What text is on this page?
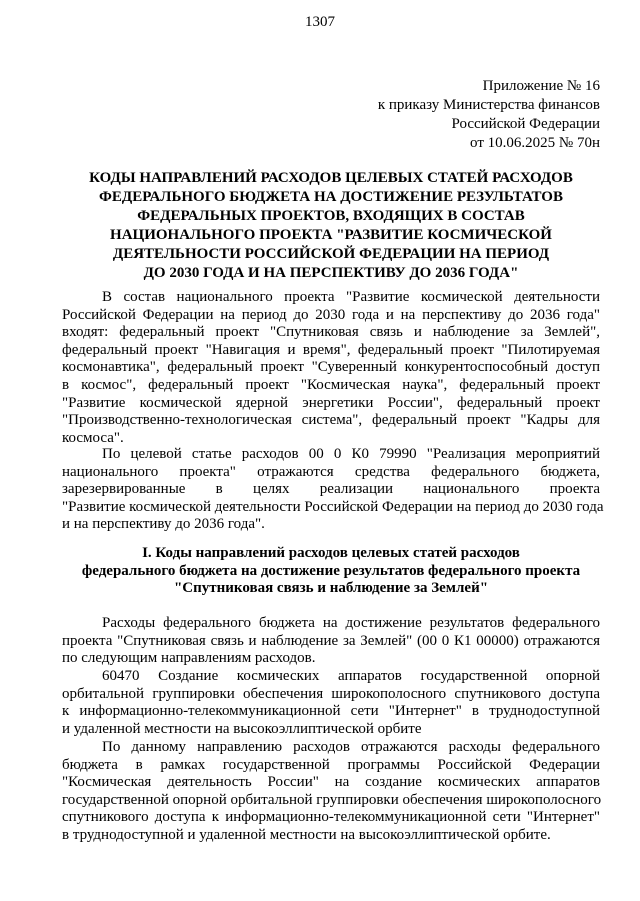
1307
Приложение № 16
к приказу Министерства финансов
Российской Федерации
от 10.06.2025 № 70н
КОДЫ НАПРАВЛЕНИЙ РАСХОДОВ ЦЕЛЕВЫХ СТАТЕЙ РАСХОДОВ
ФЕДЕРАЛЬНОГО БЮДЖЕТА НА ДОСТИЖЕНИЕ РЕЗУЛЬТАТОВ
ФЕДЕРАЛЬНЫХ ПРОЕКТОВ, ВХОДЯЩИХ В СОСТАВ
НАЦИОНАЛЬНОГО ПРОЕКТА "РАЗВИТИЕ КОСМИЧЕСКОЙ
ДЕЯТЕЛЬНОСТИ РОССИЙСКОЙ ФЕДЕРАЦИИ НА ПЕРИОД
ДО 2030 ГОДА И НА ПЕРСПЕКТИВУ ДО 2036 ГОДА"
В состав национального проекта "Развитие космической деятельности
Российской Федерации на период до 2030 года и на перспективу до 2036 года"
входят: федеральный проект "Спутниковая связь и наблюдение за Землей",
федеральный проект "Навигация и время", федеральный проект "Пилотируемая
космонавтика", федеральный проект "Суверенный конкурентоспособный доступ
в космос", федеральный проект "Космическая наука", федеральный проект
"Развитие космической ядерной энергетики России", федеральный проект
"Производственно-технологическая система", федеральный проект "Кадры для
космоса".
По целевой статье расходов 00 0 К0 79990 "Реализация мероприятий
национального проекта" отражаются средства федерального бюджета,
зарезервированные в целях реализации национального проекта
"Развитие космической деятельности Российской Федерации на период до 2030 года
и на перспективу до 2036 года".
I. Коды направлений расходов целевых статей расходов
федерального бюджета на достижение результатов федерального проекта
"Спутниковая связь и наблюдение за Землей"
Расходы федерального бюджета на достижение результатов федерального
проекта "Спутниковая связь и наблюдение за Землей" (00 0 К1 00000) отражаются
по следующим направлениям расходов.
60470 Создание космических аппаратов государственной опорной
орбитальной группировки обеспечения широкополосного спутникового доступа
к информационно-телекоммуникационной сети "Интернет" в труднодоступной
и удаленной местности на высокоэллиптической орбите
По данному направлению расходов отражаются расходы федерального
бюджета в рамках государственной программы Российской Федерации
"Космическая деятельность России" на создание космических аппаратов
государственной опорной орбитальной группировки обеспечения широкополосного
спутникового доступа к информационно-телекоммуникационной сети "Интернет"
в труднодоступной и удаленной местности на высокоэллиптической орбите.
